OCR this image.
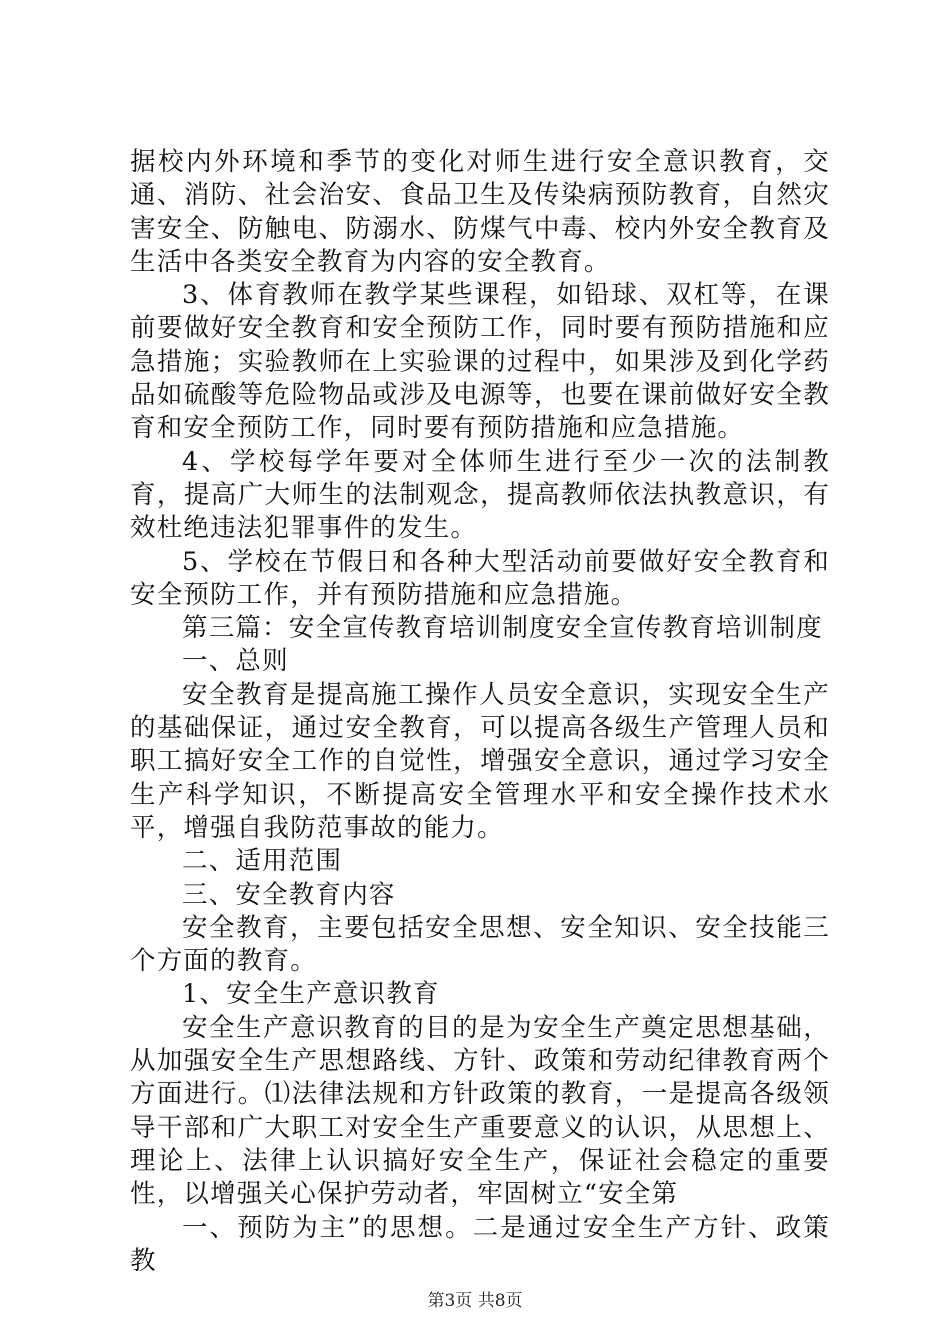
据校内外环境和季节的变化对师生进行安全意识教育，交通、消防、社会治安、食品卫生及传染病预防教育，自然灾害安全、防触电、防溺水、防煤气中毒、校内外安全教育及生活中各类安全教育为内容的安全教育。

3、体育教师在教学某些课程，如铅球、双杠等，在课前要做好安全教育和安全预防工作，同时要有预防措施和应急措施；实验教师在上实验课的过程中，如果涉及到化学药品如硫酸等危险物品或涉及电源等，也要在课前做好安全教育和安全预防工作，同时要有预防措施和应急措施。

4、学校每学年要对全体师生进行至少一次的法制教育，提高广大师生的法制观念，提高教师依法执教意识，有效杜绝违法犯罪事件的发生。

5、学校在节假日和各种大型活动前要做好安全教育和安全预防工作，并有预防措施和应急措施。

第三篇：安全宣传教育培训制度安全宣传教育培训制度

一、总则

安全教育是提高施工操作人员安全意识，实现安全生产的基础保证，通过安全教育，可以提高各级生产管理人员和职工搞好安全工作的自觉性，增强安全意识，通过学习安全生产科学知识，不断提高安全管理水平和安全操作技术水平，增强自我防范事故的能力。

二、适用范围

三、安全教育内容

安全教育，主要包括安全思想、安全知识、安全技能三个方面的教育。

1、安全生产意识教育

安全生产意识教育的目的是为安全生产奠定思想基础，从加强安全生产思想路线、方针、政策和劳动纪律教育两个方面进行。⑴法律法规和方针政策的教育，一是提高各级领导干部和广大职工对安全生产重要意义的认识，从思想上、理论上、法律上认识搞好安全生产，保证社会稳定的重要性，以增强关心保护劳动者，牢固树立“安全第

一、预防为主”的思想。二是通过安全生产方针、政策教

第3页 共8页
